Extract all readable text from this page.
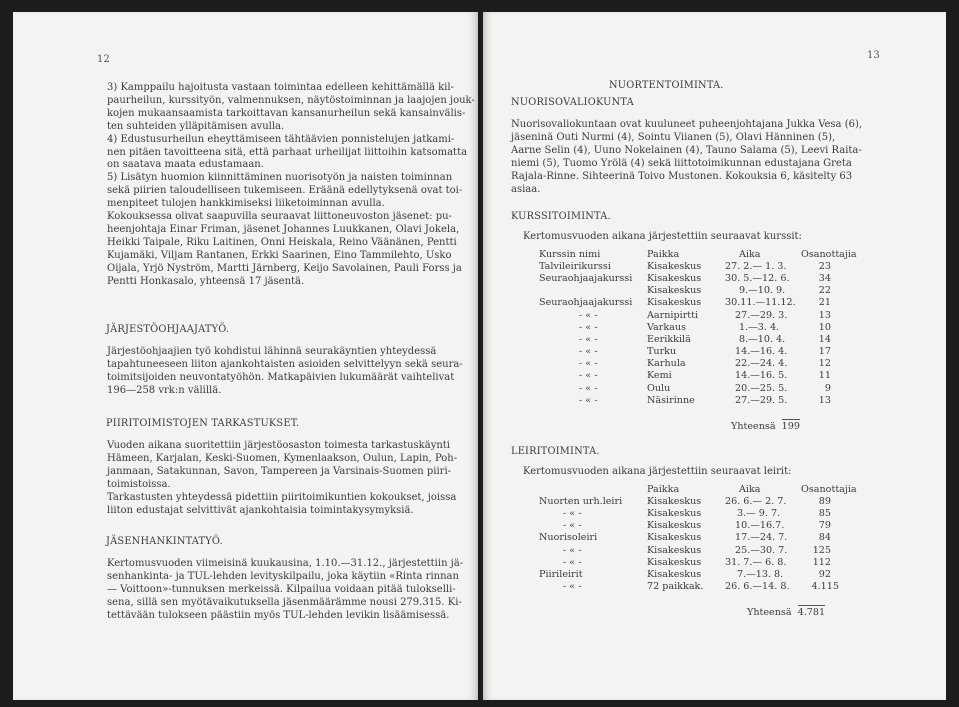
12
3) Kamppailu hajoitusta vastaan toimintaa edelleen kehittämällä kil-
paurheilun, kurssityön, valmennuksen, näytöstoiminnan ja laajojen jouk-
kojen mukaansaamista tarkoittavan kansanurheilun sekä kansainvälis-
ten suhteiden ylläpitämisen avulla.
4) Edustusurheilun eheyttämiseen tähtäävien ponnistelujen jatkami-
nen pitäen tavoitteena sitä, että parhaat urheilijat liittoihin katsomatta
on saatava maata edustamaan.
5) Lisätyn huomion kiinnittäminen nuorisotyön ja naisten toiminnan
sekä piirien taloudelliseen tukemiseen. Eräänä edellytyksenä ovat toi-
menpiteet tulojen hankkimiseksi liiketoiminnan avulla.
Kokouksessa olivat saapuvilla seuraavat liittoneuvoston jäsenet: pu-
heenjohtaja Einar Friman, jäsenet Johannes Luukkanen, Olavi Jokela,
Heikki Taipale, Riku Laitinen, Onni Heiskala, Reino Väänänen, Pentti
Kujamäki, Viljam Rantanen, Erkki Saarinen, Eino Tammilehto, Usko
Oijala, Yrjö Nyström, Martti Järnberg, Keijo Savolainen, Pauli Forss ja
Pentti Honkasalo, yhteensä 17 jäsentä.
JÄRJESTÖOHJAAJATYÖ.
Järjestöohjaajien työ kohdistui lähinnä seurakäyntien yhteydessä
tapahtuneeseen liiton ajankohtaisten asioiden selvittelyyn sekä seura-
toimitsijoiden neuvontatyöhön. Matkapäivien lukumäärät vaihtelivat
196—258 vrk:n välillä.
PIIRITOIMISTOJEN TARKASTUKSET.
Vuoden aikana suoritettiin järjestöosaston toimesta tarkastuskäynti
Hämeen, Karjalan, Keski-Suomen, Kymenlaakson, Oulun, Lapin, Poh-
janmaan, Satakunnan, Savon, Tampereen ja Varsinais-Suomen piiri-
toimistoissa.
Tarkastusten yhteydessä pidettiin piiritoimikuntien kokoukset, joissa
liiton edustajat selvittivät ajankohtaisia toimintakysymyksiä.
JÄSENHANKINTATYÖ.
Kertomusvuoden viimeisinä kuukausina, 1.10.—31.12., järjestettiin jä-
senhankinta- ja TUL-lehden levityskilpailu, joka käytiin «Rinta rinnan
— Voittoon»-tunnuksen merkeissä. Kilpailua voidaan pitää tulokselli-
sena, sillä sen myötävaikutuksella jäsenmäärämme nousi 279.315. Ki-
tettävään tulokseen päästiin myös TUL-lehden levikin lisäämisessä.
13
NUORTENTOIMINTA.
NUORISOVALIOKUNTA
Nuorisovaliokuntaan ovat kuuluneet puheenjohtajana Jukka Vesa (6),
jäseninä Outi Nurmi (4), Sointu Viianen (5), Olavi Hänninen (5),
Aarne Selin (4), Uuno Nokelainen (4), Tauno Salama (5), Leevi Raita-
niemi (5), Tuomo Yrölä (4) sekä liittotoimikunnan edustajana Greta
Rajala-Rinne. Sihteerinä Toivo Mustonen. Kokouksia 6, käsitelty 63
asiaa.
KURSSITOIMINTA.
Kertomusvuoden aikana järjestettiin seuraavat kurssit:
Kurssin nimi	Paikka	Aika	Osanottajia
Talvileirikurssi	Kisakeskus	27. 2.— 1. 3.	23
Seuraohjaajakurssi	Kisakeskus	30. 5.—12. 6.	34
	Kisakeskus	9.—10. 9.	22
Seuraohjaajakurssi	Kisakeskus	30.11.—11.12.	21
- « -	Aarnipirtti	27.—29. 3.	13
- « -	Varkaus	1.—3. 4.	10
- « -	Eerikkilä	8.—10. 4.	14
- « -	Turku	14.—16. 4.	17
- « -	Karhula	22.—24. 4.	12
- « -	Kemi	14.—16. 5.	11
- « -	Oulu	20.—25. 5.	9
- « -	Näsirinne	27.—29. 5.	13
Yhteensä 199
LEIRITOIMINTA.
Kertomusvuoden aikana järjestettiin seuraavat leirit:
	Paikka	Aika	Osanottajia
Nuorten urh.leiri	Kisakeskus	26. 6.— 2. 7.	89
- « -	Kisakeskus	3.— 9. 7.	85
- « -	Kisakeskus	10.—16.7.	79
Nuorisoleiri	Kisakeskus	17.—24. 7.	84
- « -	Kisakeskus	25.—30. 7.	125
- « -	Kisakeskus	31. 7.— 6. 8.	112
Piirileirit	Kisakeskus	7.—13. 8.	92
- « -	72 paikkak.	26. 6.—14. 8.	4.115
Yhteensä 4.781
